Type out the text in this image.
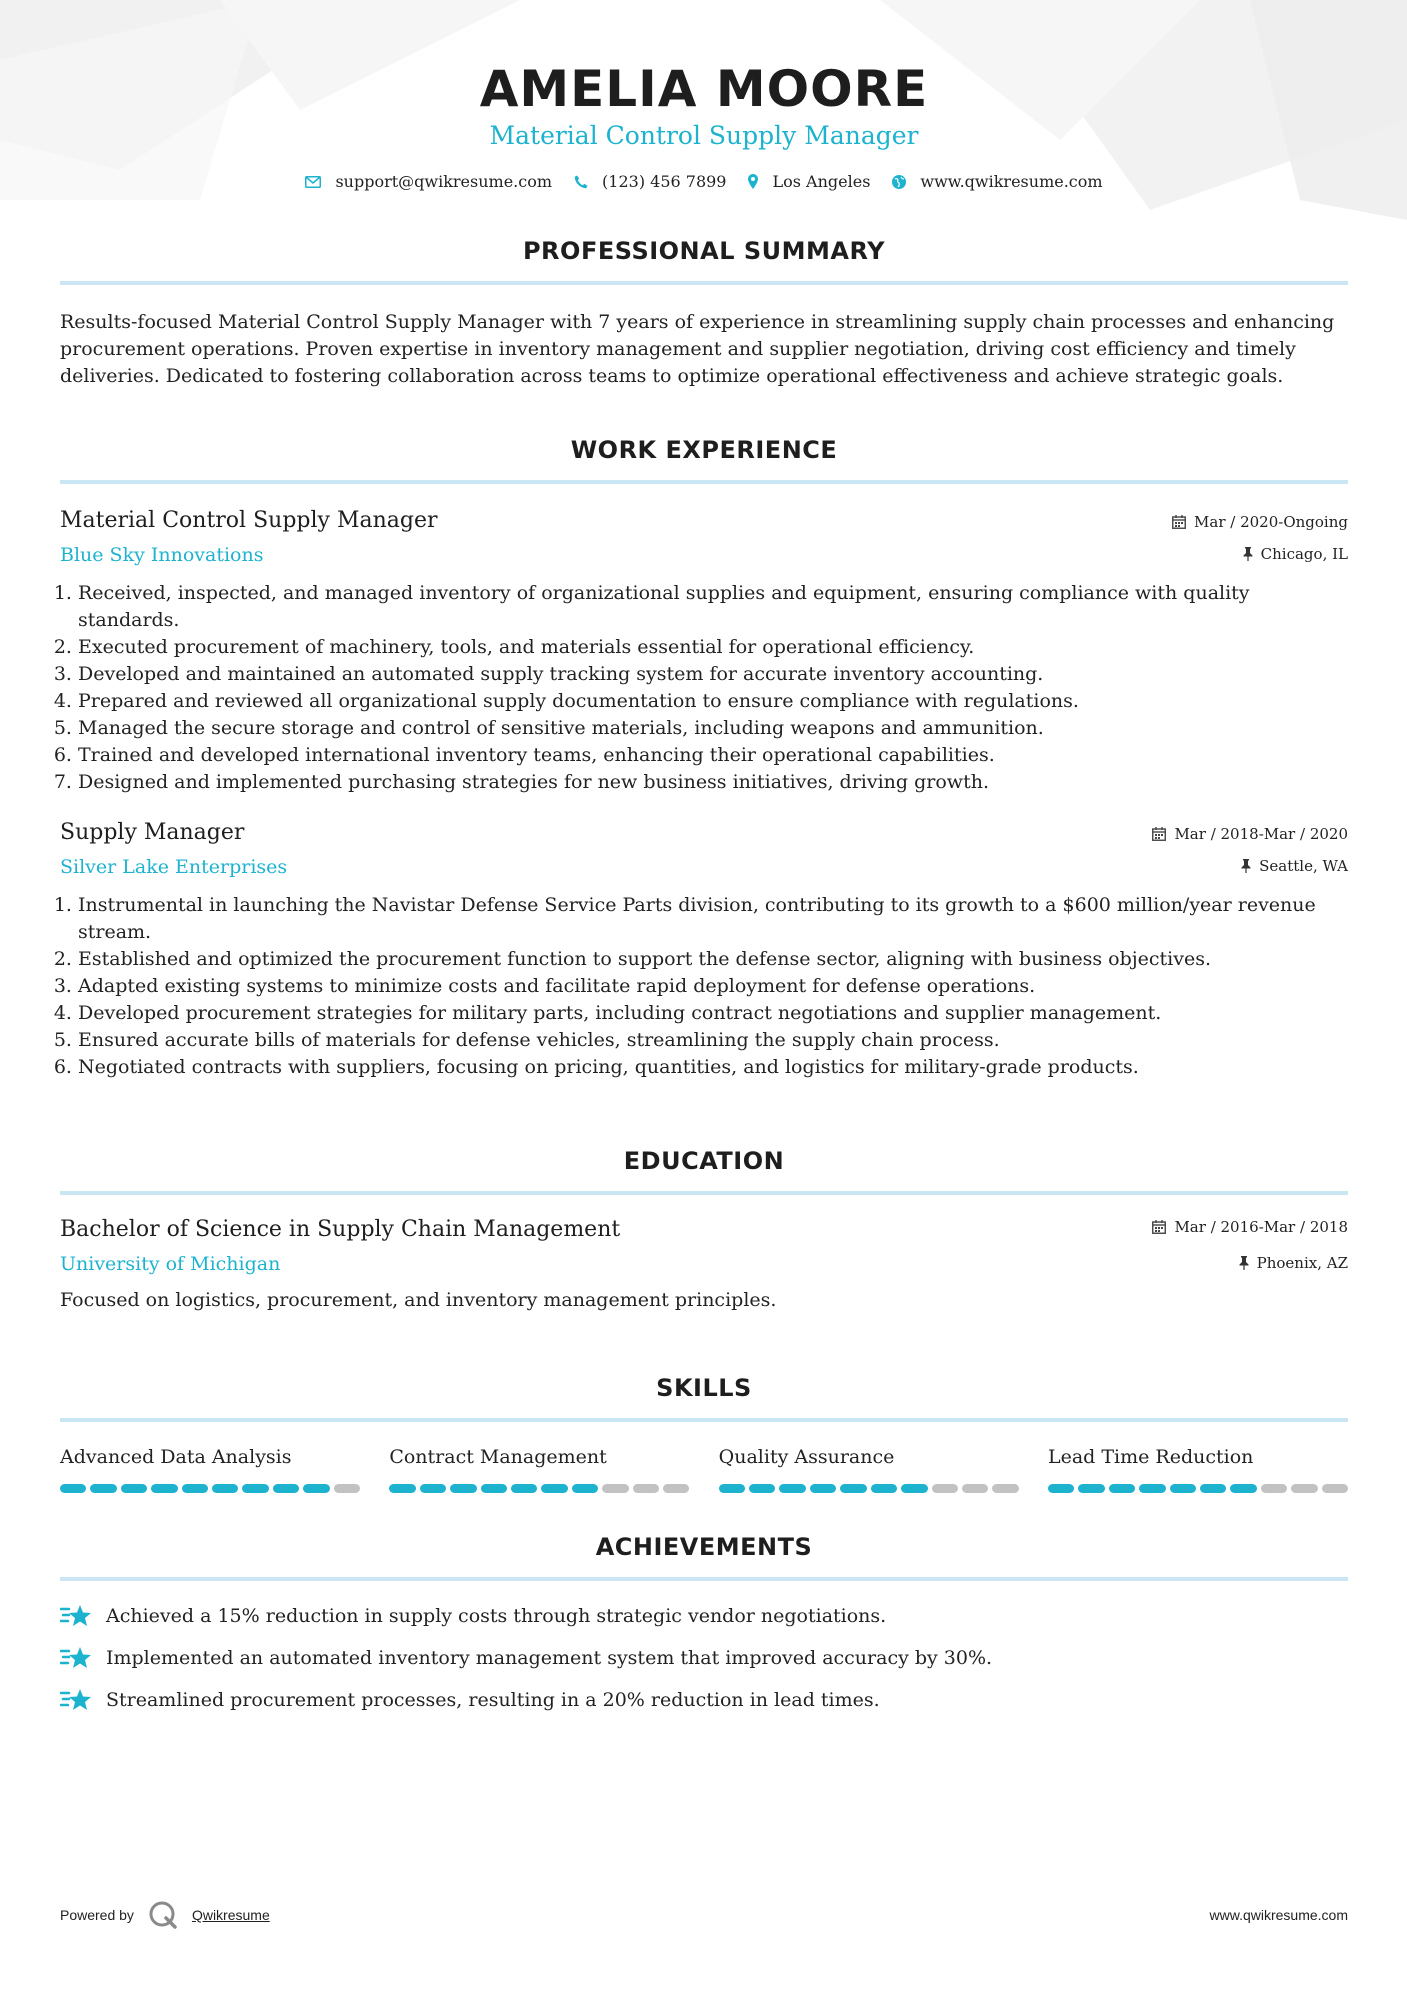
AMELIA MOORE
Material Control Supply Manager
support@qwikresume.com	(123) 456 7899	Los Angeles	www.qwikresume.com
PROFESSIONAL SUMMARY
Results-focused Material Control Supply Manager with 7 years of experience in streamlining supply chain processes and enhancing procurement operations. Proven expertise in inventory management and supplier negotiation, driving cost efficiency and timely deliveries. Dedicated to fostering collaboration across teams to optimize operational effectiveness and achieve strategic goals.
WORK EXPERIENCE
Material Control Supply Manager
Blue Sky Innovations
Mar / 2020-Ongoing
Chicago, IL
1. Received, inspected, and managed inventory of organizational supplies and equipment, ensuring compliance with quality standards.
2. Executed procurement of machinery, tools, and materials essential for operational efficiency.
3. Developed and maintained an automated supply tracking system for accurate inventory accounting.
4. Prepared and reviewed all organizational supply documentation to ensure compliance with regulations.
5. Managed the secure storage and control of sensitive materials, including weapons and ammunition.
6. Trained and developed international inventory teams, enhancing their operational capabilities.
7. Designed and implemented purchasing strategies for new business initiatives, driving growth.
Supply Manager
Silver Lake Enterprises
Mar / 2018-Mar / 2020
Seattle, WA
1. Instrumental in launching the Navistar Defense Service Parts division, contributing to its growth to a $600 million/year revenue stream.
2. Established and optimized the procurement function to support the defense sector, aligning with business objectives.
3. Adapted existing systems to minimize costs and facilitate rapid deployment for defense operations.
4. Developed procurement strategies for military parts, including contract negotiations and supplier management.
5. Ensured accurate bills of materials for defense vehicles, streamlining the supply chain process.
6. Negotiated contracts with suppliers, focusing on pricing, quantities, and logistics for military-grade products.
EDUCATION
Bachelor of Science in Supply Chain Management
University of Michigan
Mar / 2016-Mar / 2018
Phoenix, AZ
Focused on logistics, procurement, and inventory management principles.
SKILLS
Advanced Data Analysis	Contract Management	Quality Assurance	Lead Time Reduction
ACHIEVEMENTS
Achieved a 15% reduction in supply costs through strategic vendor negotiations.
Implemented an automated inventory management system that improved accuracy by 30%.
Streamlined procurement processes, resulting in a 20% reduction in lead times.
Powered by	Qwikresume	www.qwikresume.com
